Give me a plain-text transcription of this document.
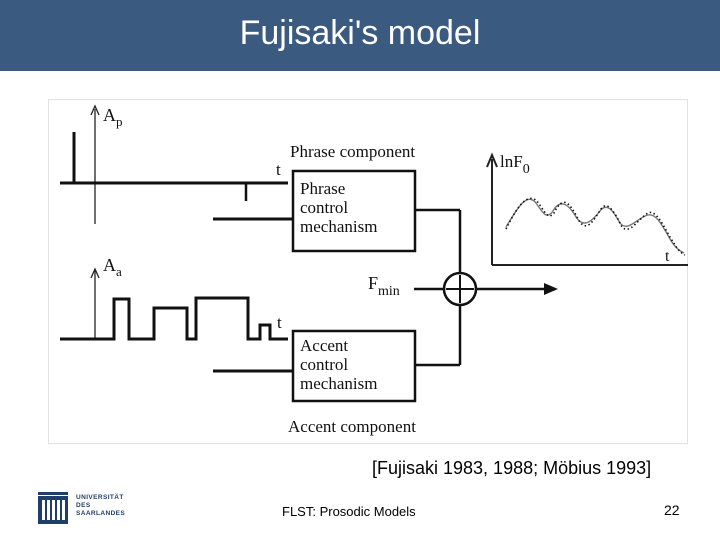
Fujisaki's model
$A_p$
t
Phrase component
Phrase
control
mechanism
$F_{min}$
lnF$_0$
t
$A_a$
t
Accent
control
mechanism
Accent component
[Fujisaki 1983, 1988; Möbius 1993]
UNIVERSITÄT
DES
SAARLANDES	FLST: Prosodic Models	22
